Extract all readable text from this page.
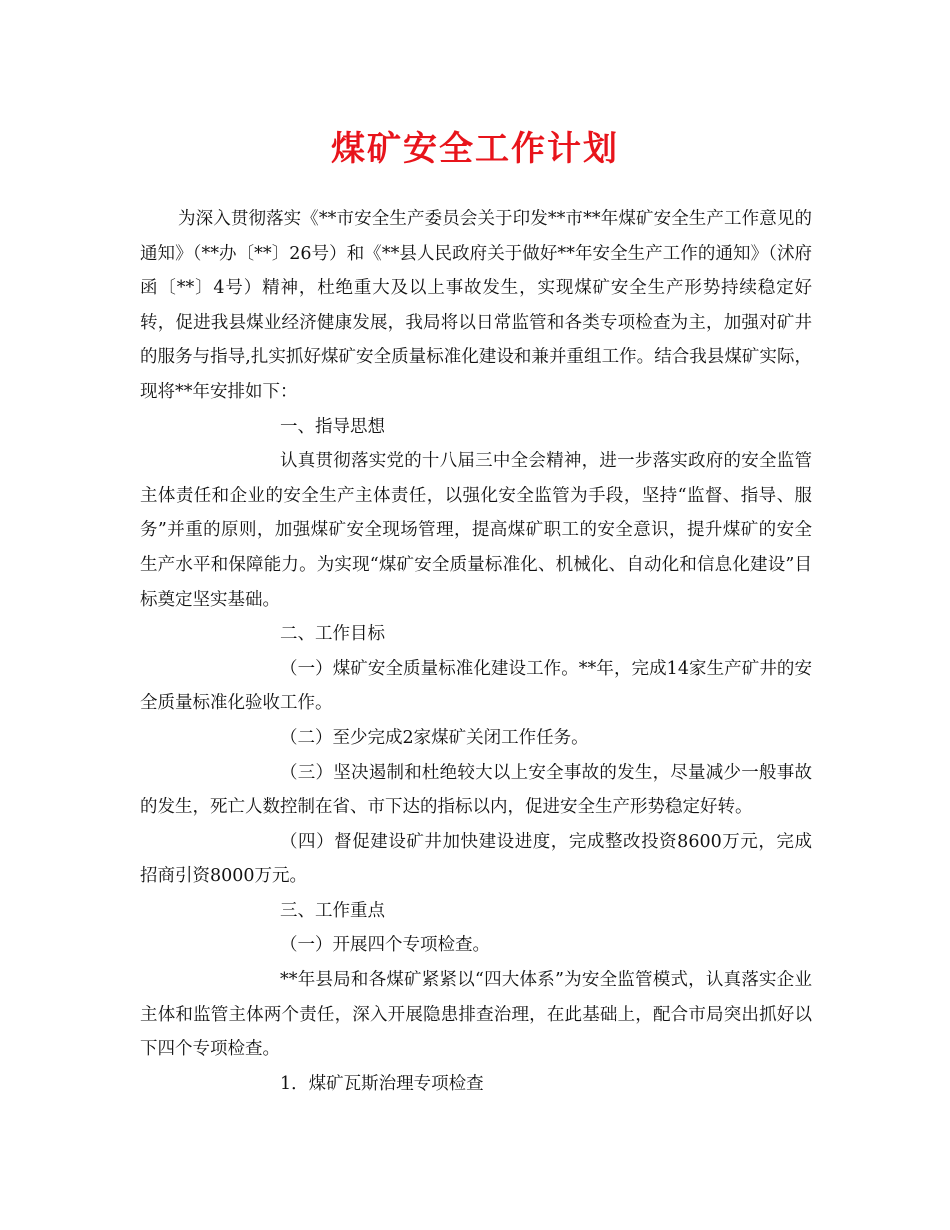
煤矿安全工作计划

为深入贯彻落实《**市安全生产委员会关于印发**市**年煤矿安全生产工作意见的通知》（**办〔**〕26号）和《**县人民政府关于做好**年安全生产工作的通知》（沭府函〔**〕4号）精神，杜绝重大及以上事故发生，实现煤矿安全生产形势持续稳定好转，促进我县煤业经济健康发展，我局将以日常监管和各类专项检查为主，加强对矿井的服务与指导,扎实抓好煤矿安全质量标准化建设和兼并重组工作。结合我县煤矿实际，现将**年安排如下：

一、指导思想

认真贯彻落实党的十八届三中全会精神，进一步落实政府的安全监管主体责任和企业的安全生产主体责任，以强化安全监管为手段，坚持“监督、指导、服务”并重的原则，加强煤矿安全现场管理，提高煤矿职工的安全意识，提升煤矿的安全生产水平和保障能力。为实现“煤矿安全质量标准化、机械化、自动化和信息化建设”目标奠定坚实基础。

二、工作目标

（一）煤矿安全质量标准化建设工作。**年，完成14家生产矿井的安全质量标准化验收工作。

（二）至少完成2家煤矿关闭工作任务。

（三）坚决遏制和杜绝较大以上安全事故的发生，尽量减少一般事故的发生，死亡人数控制在省、市下达的指标以内，促进安全生产形势稳定好转。

（四）督促建设矿井加快建设进度，完成整改投资8600万元，完成招商引资8000万元。

三、工作重点

（一）开展四个专项检查。

**年县局和各煤矿紧紧以“四大体系”为安全监管模式，认真落实企业主体和监管主体两个责任，深入开展隐患排查治理，在此基础上，配合市局突出抓好以下四个专项检查。

1．煤矿瓦斯治理专项检查
